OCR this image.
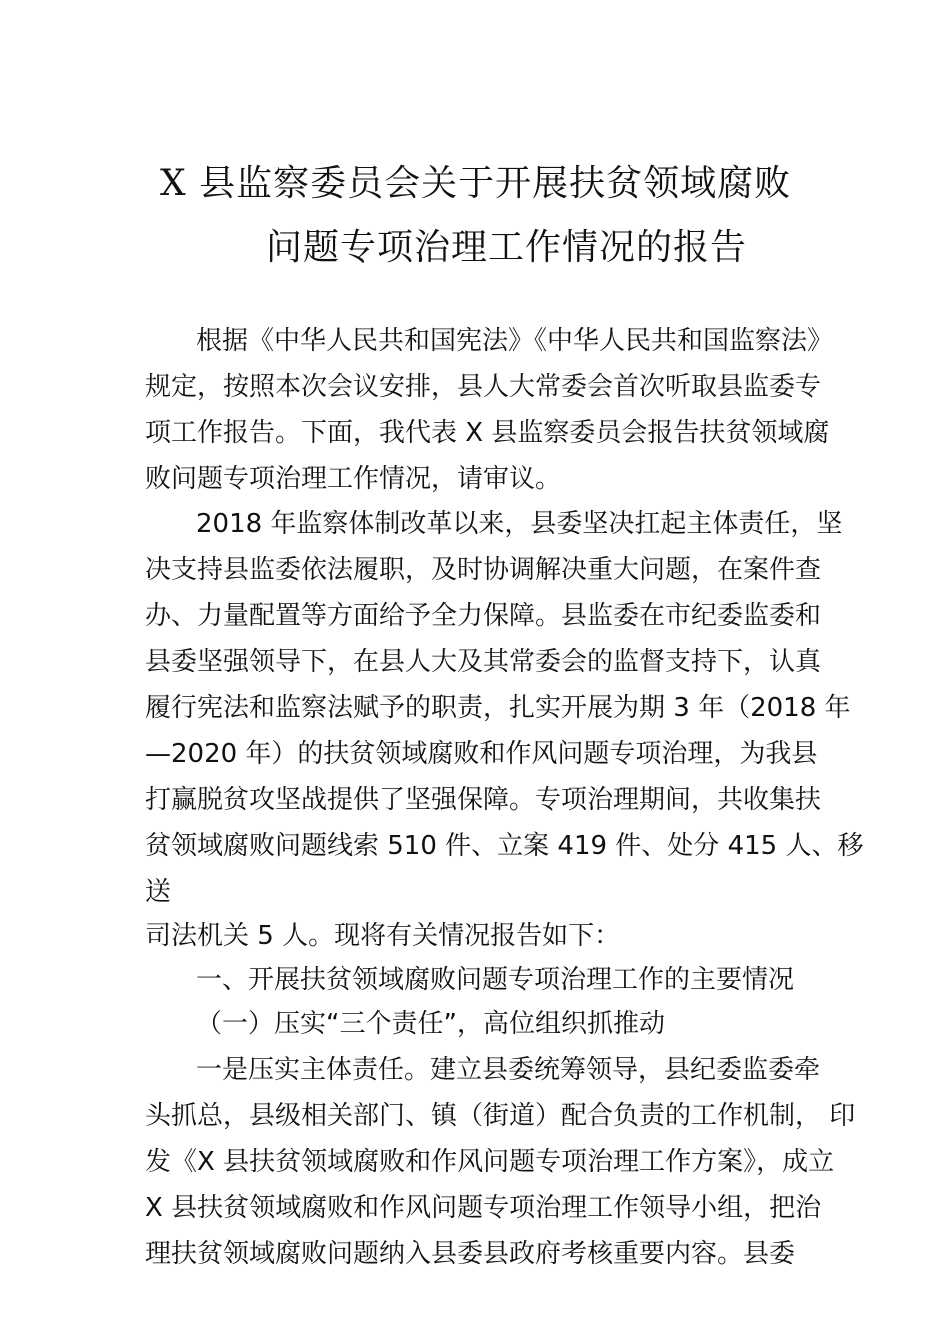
X 县监察委员会关于开展扶贫领域腐败
问题专项治理工作情况的报告
根据《中华人民共和国宪法》《中华人民共和国监察法》
规定，按照本次会议安排，县人大常委会首次听取县监委专
项工作报告。下面，我代表 X 县监察委员会报告扶贫领域腐
败问题专项治理工作情况，请审议。
2018 年监察体制改革以来，县委坚决扛起主体责任，坚
决支持县监委依法履职，及时协调解决重大问题，在案件查
办、力量配置等方面给予全力保障。县监委在市纪委监委和
县委坚强领导下，在县人大及其常委会的监督支持下，认真
履行宪法和监察法赋予的职责，扎实开展为期 3 年（2018 年
—2020 年）的扶贫领域腐败和作风问题专项治理，为我县
打赢脱贫攻坚战提供了坚强保障。专项治理期间，共收集扶
贫领域腐败问题线索 510 件、立案 419 件、处分 415 人、移
送
司法机关 5 人。现将有关情况报告如下：
一、开展扶贫领域腐败问题专项治理工作的主要情况
（一）压实“三个责任”，高位组织抓推动
一是压实主体责任。建立县委统筹领导，县纪委监委牵
头抓总，县级相关部门、镇（街道）配合负责的工作机制， 印
发《X 县扶贫领域腐败和作风问题专项治理工作方案》，成立
X 县扶贫领域腐败和作风问题专项治理工作领导小组，把治
理扶贫领域腐败问题纳入县委县政府考核重要内容。县委
